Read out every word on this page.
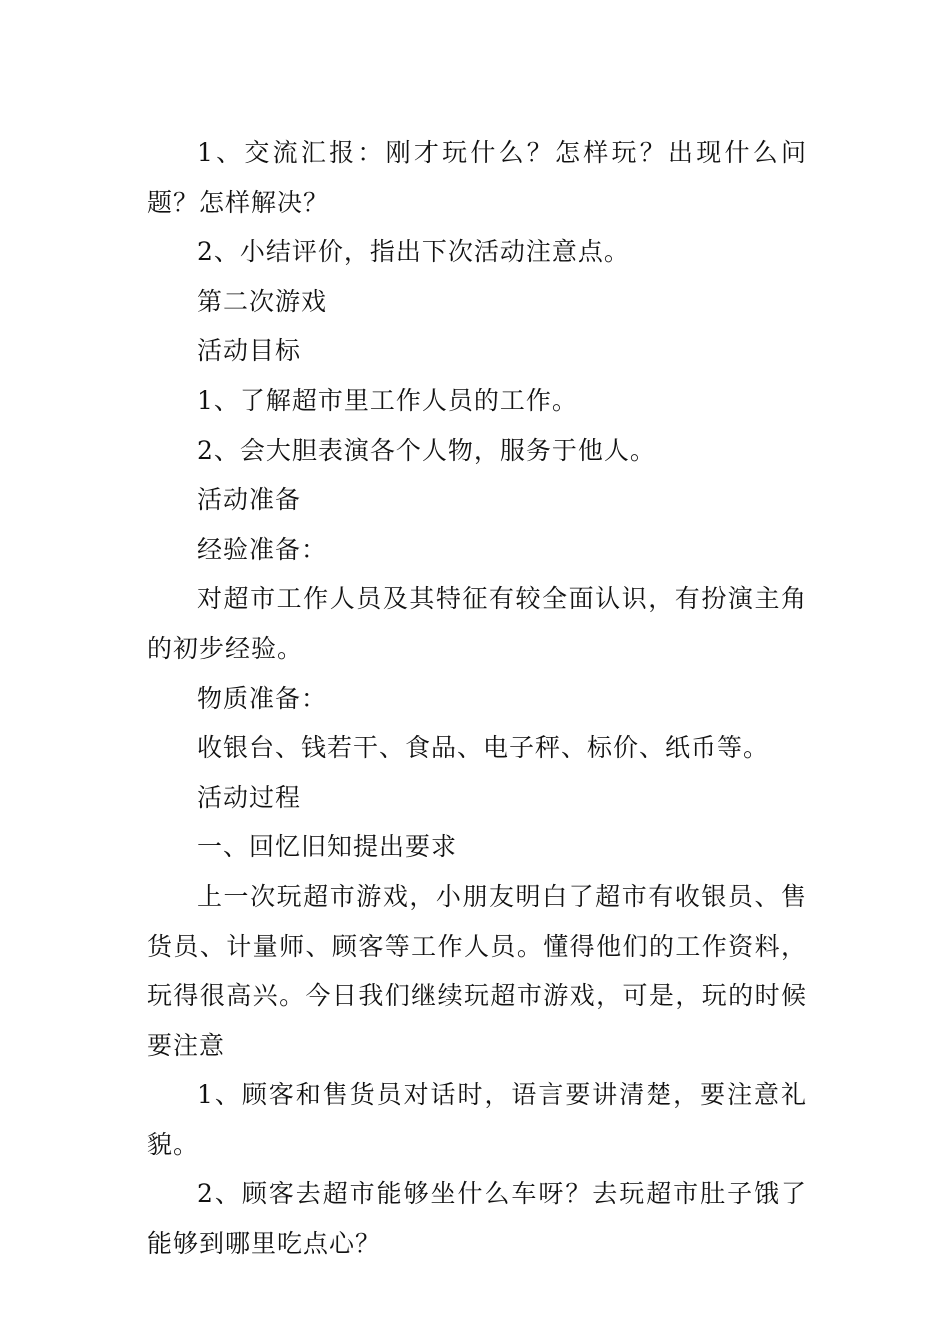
1、交流汇报：刚才玩什么？怎样玩？出现什么问题？怎样解决？

2、小结评价，指出下次活动注意点。

第二次游戏

活动目标

1、了解超市里工作人员的工作。

2、会大胆表演各个人物，服务于他人。

活动准备

经验准备：

对超市工作人员及其特征有较全面认识，有扮演主角的初步经验。

物质准备：

收银台、钱若干、食品、电子秤、标价、纸币等。

活动过程

一、回忆旧知提出要求

上一次玩超市游戏，小朋友明白了超市有收银员、售货员、计量师、顾客等工作人员。懂得他们的工作资料，玩得很高兴。今日我们继续玩超市游戏，可是，玩的时候要注意

1、顾客和售货员对话时，语言要讲清楚，要注意礼貌。

2、顾客去超市能够坐什么车呀？去玩超市肚子饿了能够到哪里吃点心？
